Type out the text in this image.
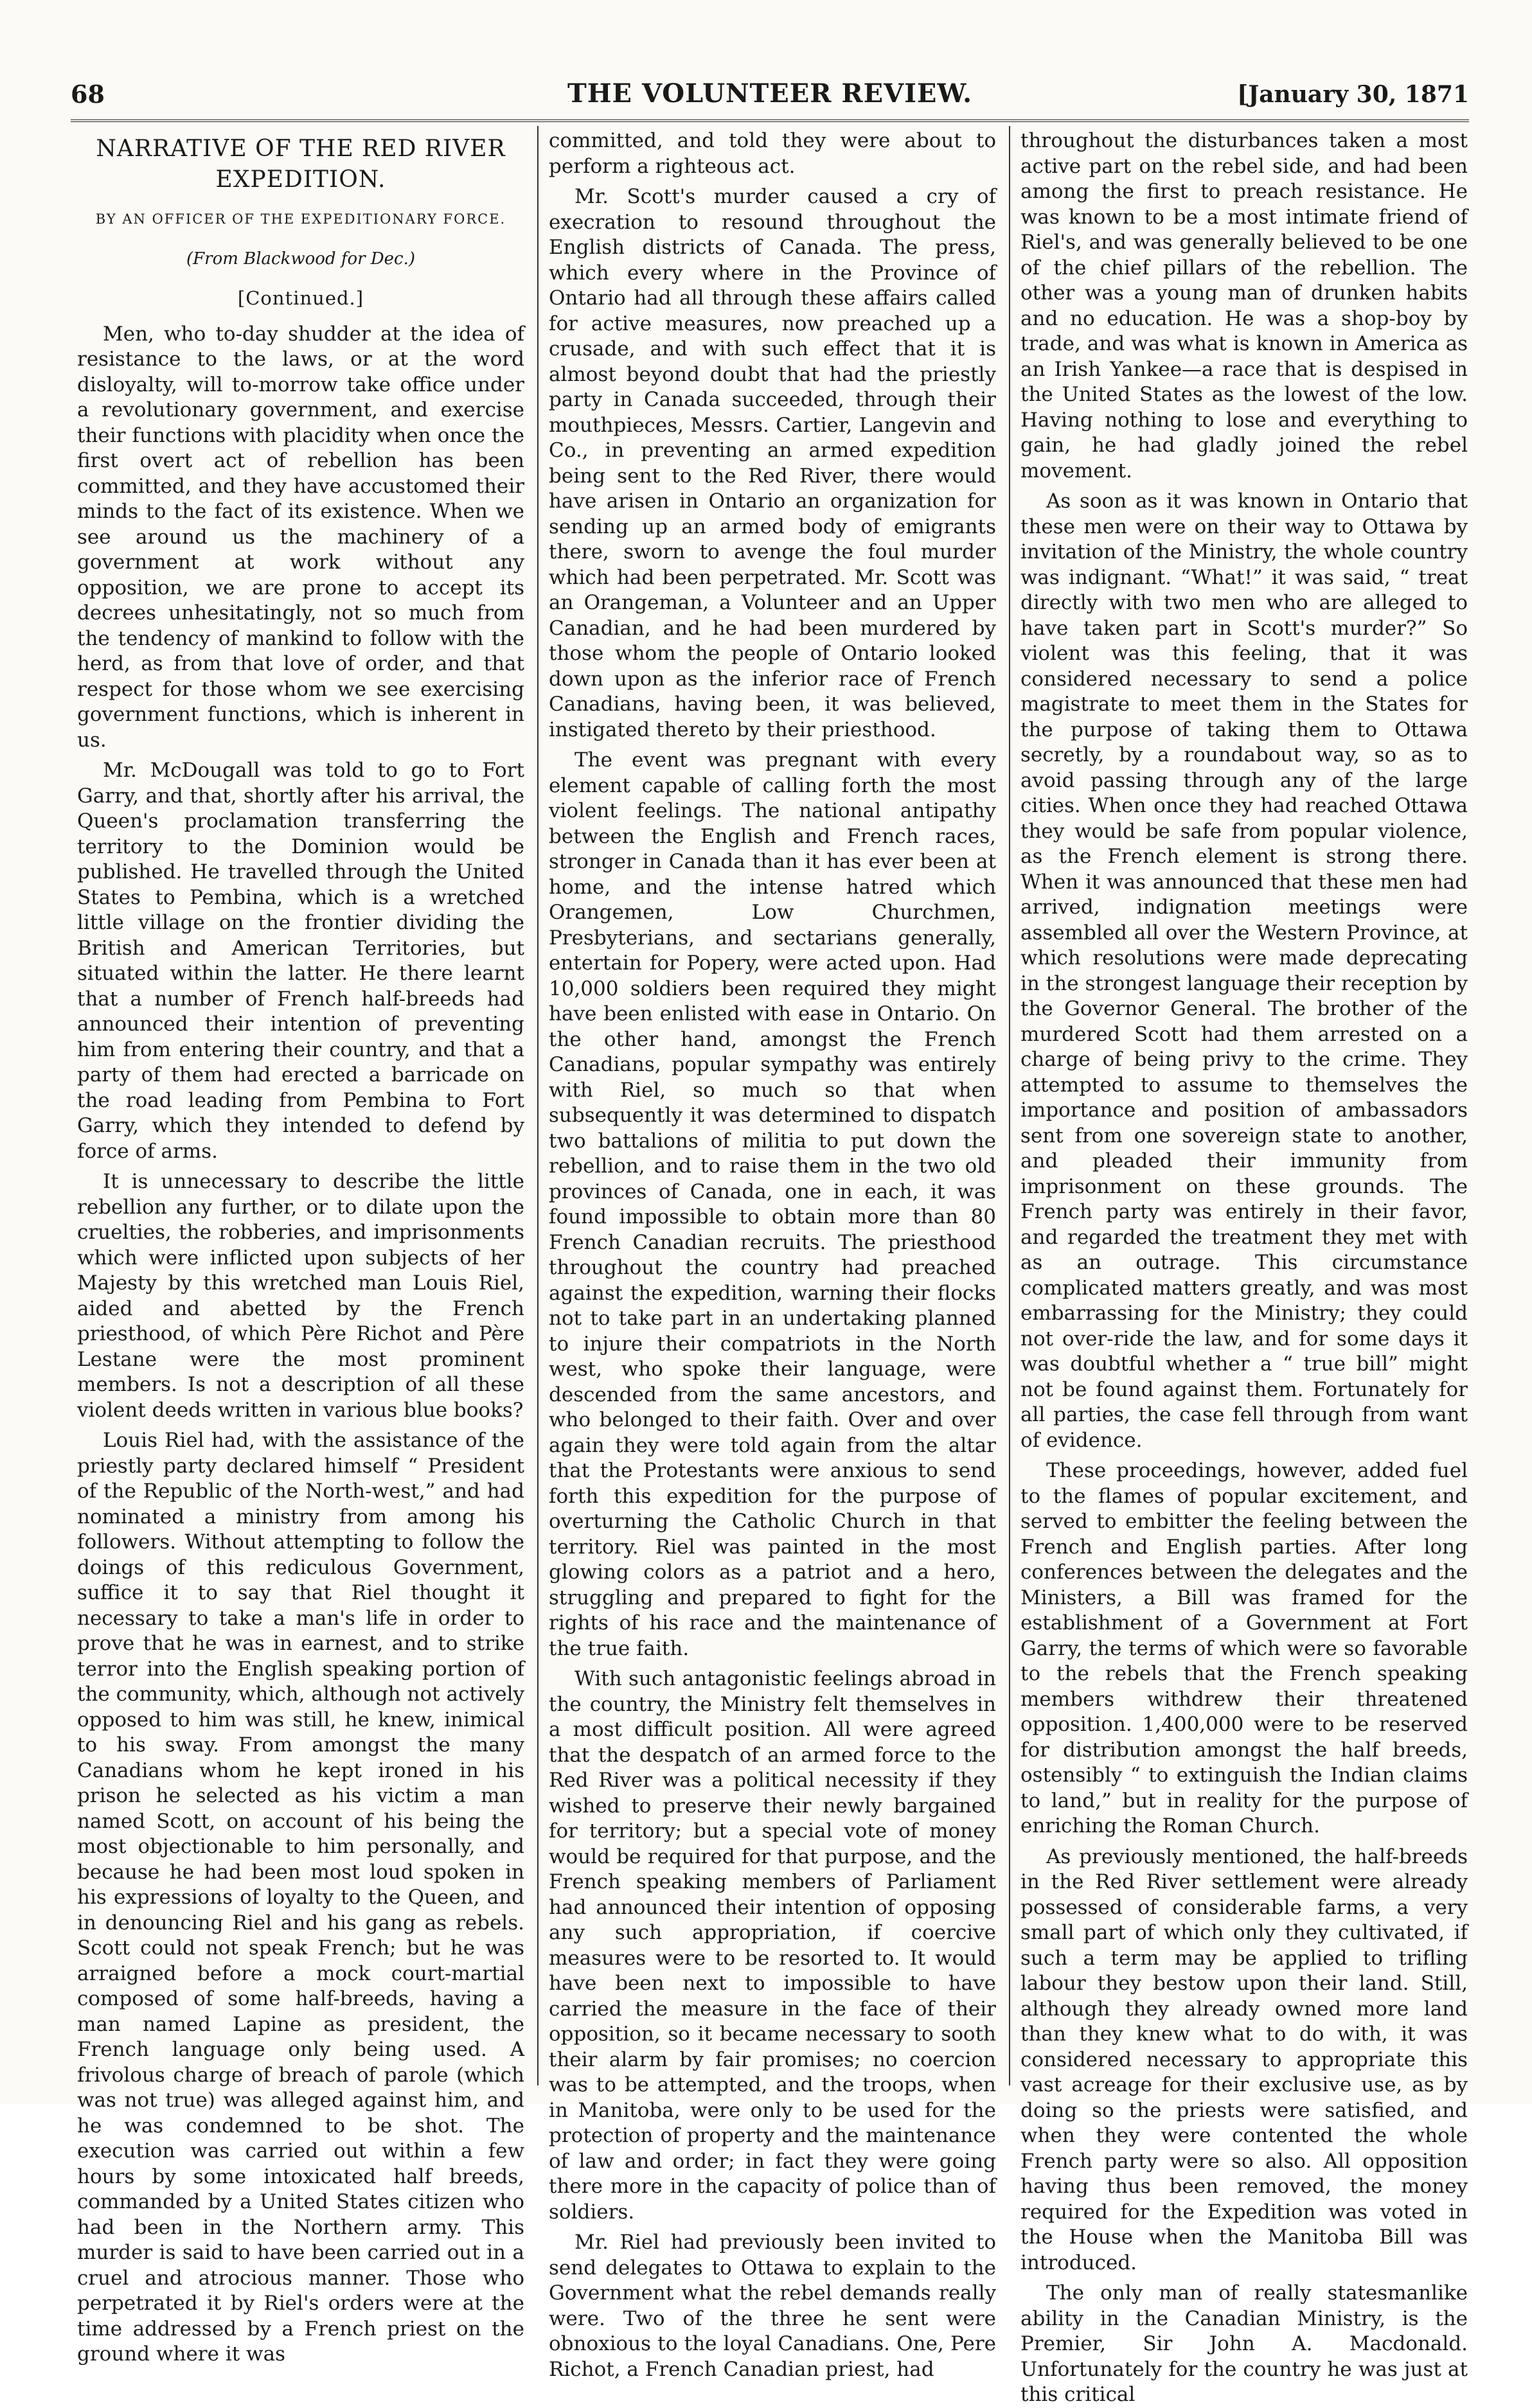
68	THE VOLUNTEER REVIEW.	[January 30, 1871
NARRATIVE OF THE RED RIVER EXPEDITION.
BY AN OFFICER OF THE EXPEDITIONARY FORCE.
(From Blackwood for Dec.)
[Continued.]

Men, who to-day shudder at the idea of resistance to the laws, or at the word disloyalty, will to-morrow take office under a revolutionary government, and exercise their functions with placidity when once the first overt act of rebellion has been committed, and they have accustomed their minds to the fact of its existence. When we see around us the machinery of a government at work without any opposition, we are prone to accept its decrees unhesitatingly, not so much from the tendency of mankind to follow with the herd, as from that love of order, and that respect for those whom we see exercising government functions, which is inherent in us.

Mr. McDougall was told to go to Fort Garry, and that, shortly after his arrival, the Queen's proclamation transferring the territory to the Dominion would be published. He travelled through the United States to Pembina, which is a wretched little village on the frontier dividing the British and American Territories, but situated within the latter. He there learnt that a number of French half-breeds had announced their intention of preventing him from entering their country, and that a party of them had erected a barricade on the road leading from Pembina to Fort Garry, which they intended to defend by force of arms.

It is unnecessary to describe the little rebellion any further, or to dilate upon the cruelties, the robberies, and imprisonments which were inflicted upon subjects of her Majesty by this wretched man Louis Riel, aided and abetted by the French priesthood, of which Père Richot and Père Lestane were the most prominent members. Is not a description of all these violent deeds written in various blue books?

Louis Riel had, with the assistance of the priestly party declared himself “ President of the Republic of the North-west,” and had nominated a ministry from among his followers. Without attempting to follow the doings of this rediculous Government, suffice it to say that Riel thought it necessary to take a man's life in order to prove that he was in earnest, and to strike terror into the English speaking portion of the community, which, although not actively opposed to him was still, he knew, inimical to his sway. From amongst the many Canadians whom he kept ironed in his prison he selected as his victim a man named Scott, on account of his being the most objectionable to him personally, and because he had been most loud spoken in his expressions of loyalty to the Queen, and in denouncing Riel and his gang as rebels. Scott could not speak French; but he was arraigned before a mock court-martial composed of some half-breeds, having a man named Lapine as president, the French language only being used. A frivolous charge of breach of parole (which was not true) was alleged against him, and he was condemned to be shot. The execution was carried out within a few hours by some intoxicated half breeds, commanded by a United States citizen who had been in the Northern army. This murder is said to have been carried out in a cruel and atrocious manner. Those who perpetrated it by Riel's orders were at the time addressed by a French priest on the ground where it was

committed, and told they were about to perform a righteous act.

Mr. Scott's murder caused a cry of execration to resound throughout the English districts of Canada. The press, which every where in the Province of Ontario had all through these affairs called for active measures, now preached up a crusade, and with such effect that it is almost beyond doubt that had the priestly party in Canada succeeded, through their mouthpieces, Messrs. Cartier, Langevin and Co., in preventing an armed expedition being sent to the Red River, there would have arisen in Ontario an organization for sending up an armed body of emigrants there, sworn to avenge the foul murder which had been perpetrated. Mr. Scott was an Orangeman, a Volunteer and an Upper Canadian, and he had been murdered by those whom the people of Ontario looked down upon as the inferior race of French Canadians, having been, it was believed, instigated thereto by their priesthood.

The event was pregnant with every element capable of calling forth the most violent feelings. The national antipathy between the English and French races, stronger in Canada than it has ever been at home, and the intense hatred which Orangemen, Low Churchmen, Presbyterians, and sectarians generally, entertain for Popery, were acted upon. Had 10,000 soldiers been required they might have been enlisted with ease in Ontario. On the other hand, amongst the French Canadians, popular sympathy was entirely with Riel, so much so that when subsequently it was determined to dispatch two battalions of militia to put down the rebellion, and to raise them in the two old provinces of Canada, one in each, it was found impossible to obtain more than 80 French Canadian recruits. The priesthood throughout the country had preached against the expedition, warning their flocks not to take part in an undertaking planned to injure their compatriots in the North west, who spoke their language, were descended from the same ancestors, and who belonged to their faith. Over and over again they were told again from the altar that the Protestants were anxious to send forth this expedition for the purpose of overturning the Catholic Church in that territory. Riel was painted in the most glowing colors as a patriot and a hero, struggling and prepared to fight for the rights of his race and the maintenance of the true faith.

With such antagonistic feelings abroad in the country, the Ministry felt themselves in a most difficult position. All were agreed that the despatch of an armed force to the Red River was a political necessity if they wished to preserve their newly bargained for territory; but a special vote of money would be required for that purpose, and the French speaking members of Parliament had announced their intention of opposing any such appropriation, if coercive measures were to be resorted to. It would have been next to impossible to have carried the measure in the face of their opposition, so it became necessary to sooth their alarm by fair promises; no coercion was to be attempted, and the troops, when in Manitoba, were only to be used for the protection of property and the maintenance of law and order; in fact they were going there more in the capacity of police than of soldiers.

Mr. Riel had previously been invited to send delegates to Ottawa to explain to the Government what the rebel demands really were. Two of the three he sent were obnoxious to the loyal Canadians. One, Pere Richot, a French Canadian priest, had

throughout the disturbances taken a most active part on the rebel side, and had been among the first to preach resistance. He was known to be a most intimate friend of Riel's, and was generally believed to be one of the chief pillars of the rebellion. The other was a young man of drunken habits and no education. He was a shop-boy by trade, and was what is known in America as an Irish Yankee—a race that is despised in the United States as the lowest of the low. Having nothing to lose and everything to gain, he had gladly joined the rebel movement.

As soon as it was known in Ontario that these men were on their way to Ottawa by invitation of the Ministry, the whole country was indignant. “What!” it was said, “ treat directly with two men who are alleged to have taken part in Scott's murder?” So violent was this feeling, that it was considered necessary to send a police magistrate to meet them in the States for the purpose of taking them to Ottawa secretly, by a roundabout way, so as to avoid passing through any of the large cities. When once they had reached Ottawa they would be safe from popular violence, as the French element is strong there. When it was announced that these men had arrived, indignation meetings were assembled all over the Western Province, at which resolutions were made deprecating in the strongest language their reception by the Governor General. The brother of the murdered Scott had them arrested on a charge of being privy to the crime. They attempted to assume to themselves the importance and position of ambassadors sent from one sovereign state to another, and pleaded their immunity from imprisonment on these grounds. The French party was entirely in their favor, and regarded the treatment they met with as an outrage. This circumstance complicated matters greatly, and was most embarrassing for the Ministry; they could not over-ride the law, and for some days it was doubtful whether a “ true bill” might not be found against them. Fortunately for all parties, the case fell through from want of evidence.

These proceedings, however, added fuel to the flames of popular excitement, and served to embitter the feeling between the French and English parties. After long conferences between the delegates and the Ministers, a Bill was framed for the establishment of a Government at Fort Garry, the terms of which were so favorable to the rebels that the French speaking members withdrew their threatened opposition. 1,400,000 were to be reserved for distribution amongst the half breeds, ostensibly “ to extinguish the Indian claims to land,” but in reality for the purpose of enriching the Roman Church.

As previously mentioned, the half-breeds in the Red River settlement were already possessed of considerable farms, a very small part of which only they cultivated, if such a term may be applied to trifling labour they bestow upon their land. Still, although they already owned more land than they knew what to do with, it was considered necessary to appropriate this vast acreage for their exclusive use, as by doing so the priests were satisfied, and when they were contented the whole French party were so also. All opposition having thus been removed, the money required for the Expedition was voted in the House when the Manitoba Bill was introduced.

The only man of really statesmanlike ability in the Canadian Ministry, is the Premier, Sir John A. Macdonald. Unfortunately for the country he was just at this critical
